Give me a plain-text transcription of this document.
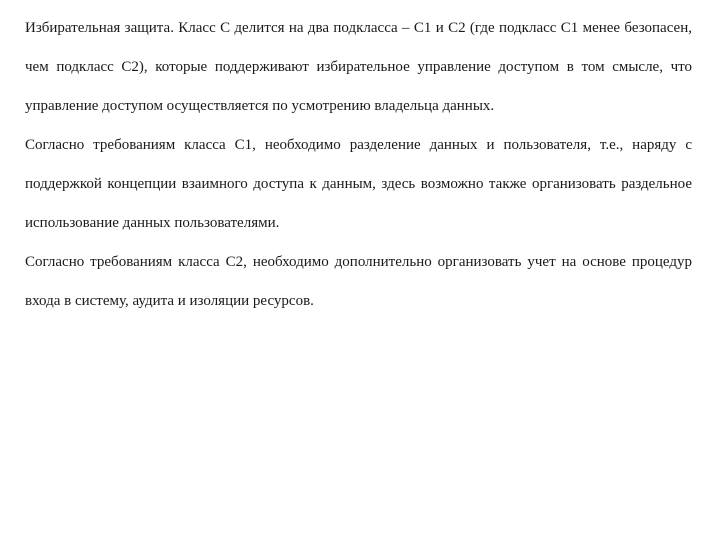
Избирательная защита. Класс C делится на два подкласса – C1 и C2 (где подкласс C1 менее безопасен, чем подкласс C2), которые поддерживают избирательное управление доступом в том смысле, что управление доступом осуществляется по усмотрению владельца данных.

Согласно требованиям класса C1, необходимо разделение данных и пользователя, т.е., наряду с поддержкой концепции взаимного доступа к данным, здесь возможно также организовать раздельное использование данных пользователями.

Согласно требованиям класса C2, необходимо дополнительно организовать учет на основе процедур входа в систему, аудита и изоляции ресурсов.
